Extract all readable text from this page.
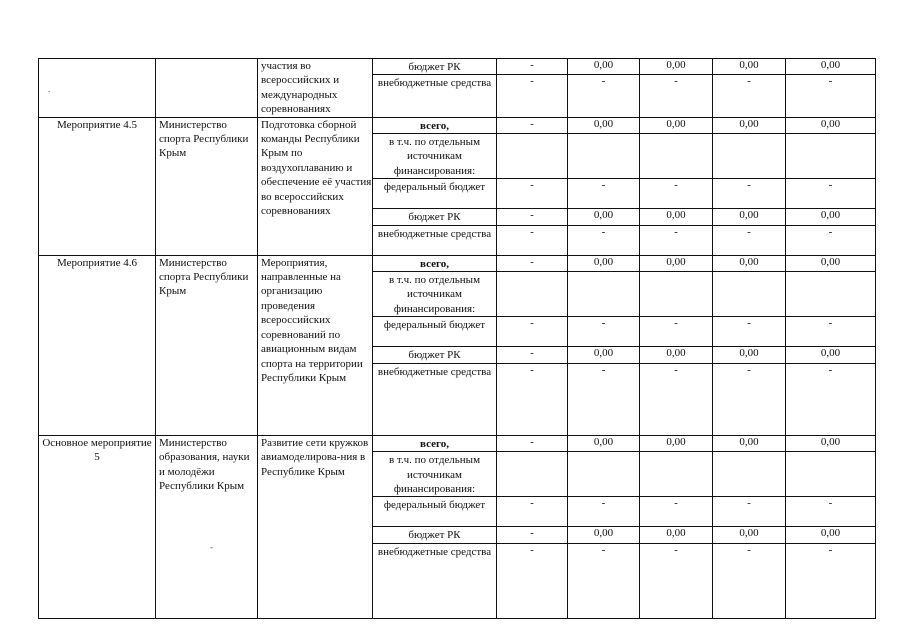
		участия во всероссийских и международных соревнованиях	бюджет РК	-	0,00	0,00	0,00	0,00
			внебюджетные средства	-	-	-	-	-
Мероприятие 4.5	Министерство спорта Республики Крым	Подготовка сборной команды Республики Крым по воздухоплаванию и обеспечение её участия во всероссийских соревнованиях	всего,	-	0,00	0,00	0,00	0,00
			в т.ч. по отдельным источникам финансирования:					
			федеральный бюджет	-	-	-	-	-
			бюджет РК	-	0,00	0,00	0,00	0,00
			внебюджетные средства	-	-	-	-	-
Мероприятие 4.6	Министерство спорта Республики Крым	Мероприятия, направленные на организацию проведения всероссийских соревнований по авиационным видам спорта на территории Республики Крым	всего,	-	0,00	0,00	0,00	0,00
			в т.ч. по отдельным источникам финансирования:					
			федеральный бюджет	-	-	-	-	-
			бюджет РК	-	0,00	0,00	0,00	0,00
			внебюджетные средства	-	-	-	-	-
Основное мероприятие 5	Министерство образования, науки и молодёжи Республики Крым	Развитие сети кружков авиамоделирова-ния в Республике Крым	всего,	-	0,00	0,00	0,00	0,00
			в т.ч. по отдельным источникам финансирования:					
			федеральный бюджет	-	-	-	-	-
			бюджет РК	-	0,00	0,00	0,00	0,00
			внебюджетные средства	-	-	-	-	-
.
-
